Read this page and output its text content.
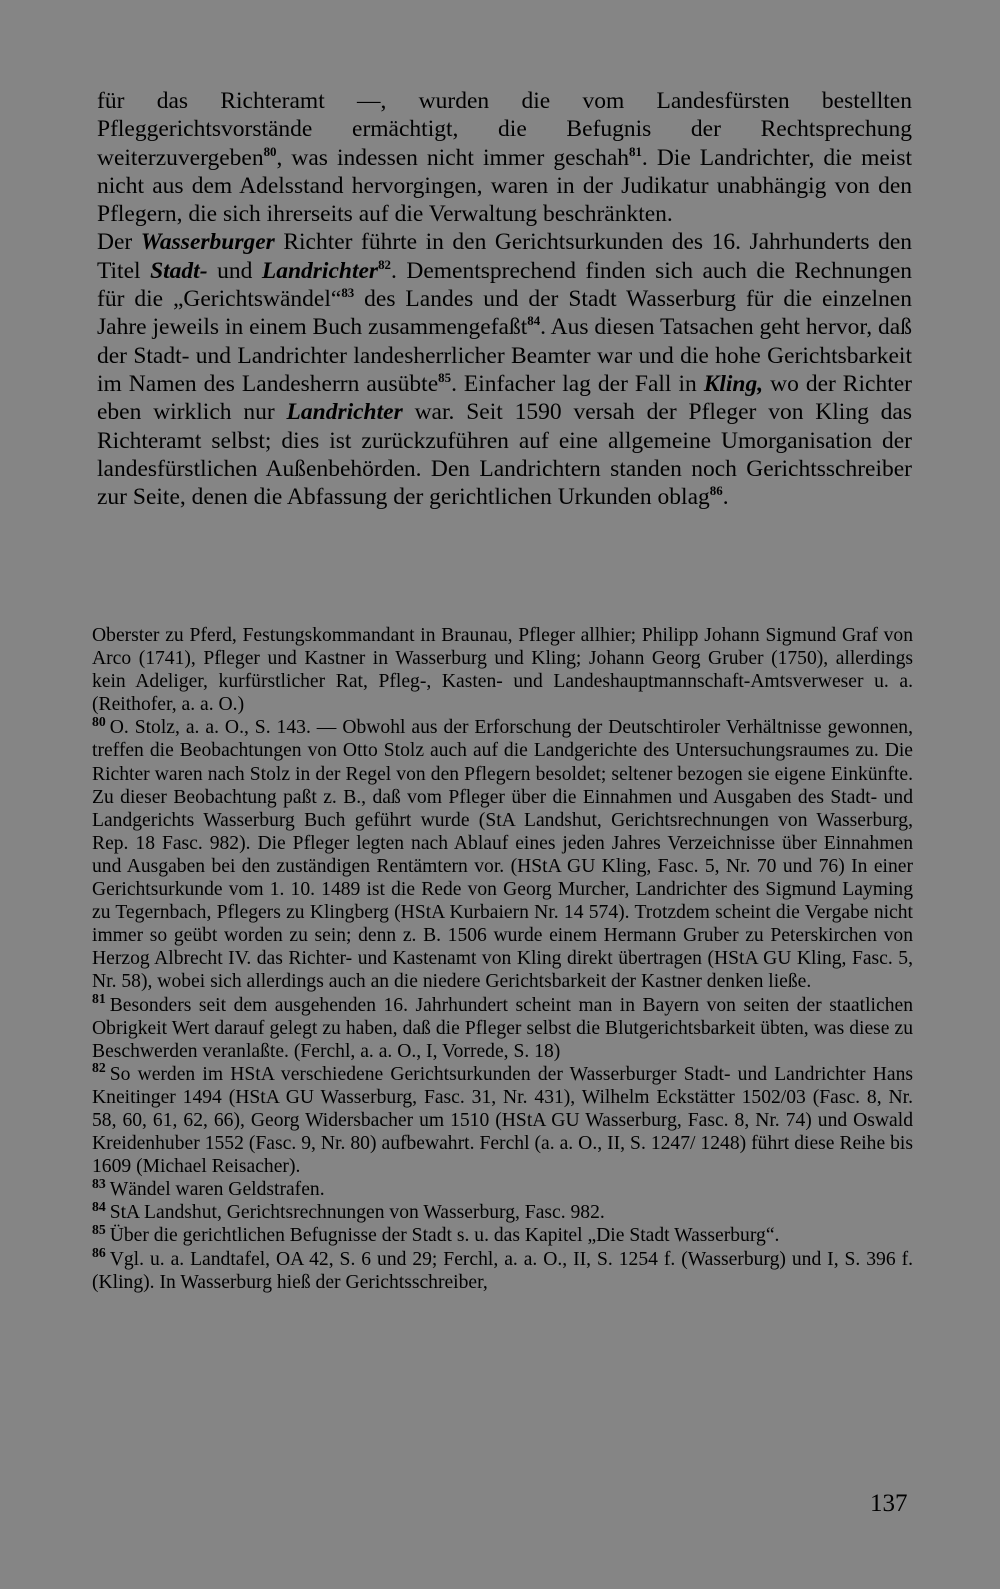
für das Richteramt —, wurden die vom Landesfürsten bestellten Pfleggerichtsvorstände ermächtigt, die Befugnis der Rechtsprechung weiterzuvergeben$^{80}$, was indessen nicht immer geschah$^{81}$. Die Landrichter, die meist nicht aus dem Adelsstand hervorgingen, waren in der Judikatur unabhängig von den Pflegern, die sich ihrerseits auf die Verwaltung beschränkten.

Der Wasserburger Richter führte in den Gerichtsurkunden des 16. Jahrhunderts den Titel Stadt- und Landrichter$^{82}$. Dementsprechend finden sich auch die Rechnungen für die „Gerichtswändel“$^{83}$ des Landes und der Stadt Wasserburg für die einzelnen Jahre jeweils in einem Buch zusammengefaßt$^{84}$. Aus diesen Tatsachen geht hervor, daß der Stadt- und Landrichter landesherrlicher Beamter war und die hohe Gerichtsbarkeit im Namen des Landesherrn ausübte$^{85}$. Einfacher lag der Fall in Kling, wo der Richter eben wirklich nur Landrichter war. Seit 1590 versah der Pfleger von Kling das Richteramt selbst; dies ist zurückzuführen auf eine allgemeine Umorganisation der landesfürstlichen Außenbehörden. Den Landrichtern standen noch Gerichtsschreiber zur Seite, denen die Abfassung der gerichtlichen Urkunden oblag$^{86}$.

Oberster zu Pferd, Festungskommandant in Braunau, Pfleger allhier; Philipp Johann Sigmund Graf von Arco (1741), Pfleger und Kastner in Wasserburg und Kling; Johann Georg Gruber (1750), allerdings kein Adeliger, kurfürstlicher Rat, Pfleg-, Kasten- und Landeshauptmannschaft-Amtsverweser u. a. (Reithofer, a. a. O.)

$^{80}$ O. Stolz, a. a. O., S. 143. — Obwohl aus der Erforschung der Deutschtiroler Verhältnisse gewonnen, treffen die Beobachtungen von Otto Stolz auch auf die Landgerichte des Untersuchungsraumes zu. Die Richter waren nach Stolz in der Regel von den Pflegern besoldet; seltener bezogen sie eigene Einkünfte. Zu dieser Beobachtung paßt z. B., daß vom Pfleger über die Einnahmen und Ausgaben des Stadt- und Landgerichts Wasserburg Buch geführt wurde (StA Landshut, Gerichtsrechnungen von Wasserburg, Rep. 18 Fasc. 982). Die Pfleger legten nach Ablauf eines jeden Jahres Verzeichnisse über Einnahmen und Ausgaben bei den zuständigen Rentämtern vor. (HStA GU Kling, Fasc. 5, Nr. 70 und 76) In einer Gerichtsurkunde vom 1. 10. 1489 ist die Rede von Georg Murcher, Landrichter des Sigmund Layming zu Tegernbach, Pflegers zu Klingberg (HStA Kurbaiern Nr. 14 574). Trotzdem scheint die Vergabe nicht immer so geübt worden zu sein; denn z. B. 1506 wurde einem Hermann Gruber zu Peterskirchen von Herzog Albrecht IV. das Richter- und Kastenamt von Kling direkt übertragen (HStA GU Kling, Fasc. 5, Nr. 58), wobei sich allerdings auch an die niedere Gerichtsbarkeit der Kastner denken ließe.

$^{81}$ Besonders seit dem ausgehenden 16. Jahrhundert scheint man in Bayern von seiten der staatlichen Obrigkeit Wert darauf gelegt zu haben, daß die Pfleger selbst die Blutgerichtsbarkeit übten, was diese zu Beschwerden veranlaßte. (Ferchl, a. a. O., I, Vorrede, S. 18)

$^{82}$ So werden im HStA verschiedene Gerichtsurkunden der Wasserburger Stadt- und Landrichter Hans Kneitinger 1494 (HStA GU Wasserburg, Fasc. 31, Nr. 431), Wilhelm Eckstätter 1502/03 (Fasc. 8, Nr. 58, 60, 61, 62, 66), Georg Widersbacher um 1510 (HStA GU Wasserburg, Fasc. 8, Nr. 74) und Oswald Kreidenhuber 1552 (Fasc. 9, Nr. 80) aufbewahrt. Ferchl (a. a. O., II, S. 1247/ 1248) führt diese Reihe bis 1609 (Michael Reisacher).

$^{83}$ Wändel waren Geldstrafen.

$^{84}$ StA Landshut, Gerichtsrechnungen von Wasserburg, Fasc. 982.

$^{85}$ Über die gerichtlichen Befugnisse der Stadt s. u. das Kapitel „Die Stadt Wasserburg“.

$^{86}$ Vgl. u. a. Landtafel, OA 42, S. 6 und 29; Ferchl, a. a. O., II, S. 1254 f. (Wasserburg) und I, S. 396 f. (Kling). In Wasserburg hieß der Gerichtsschreiber,

137
